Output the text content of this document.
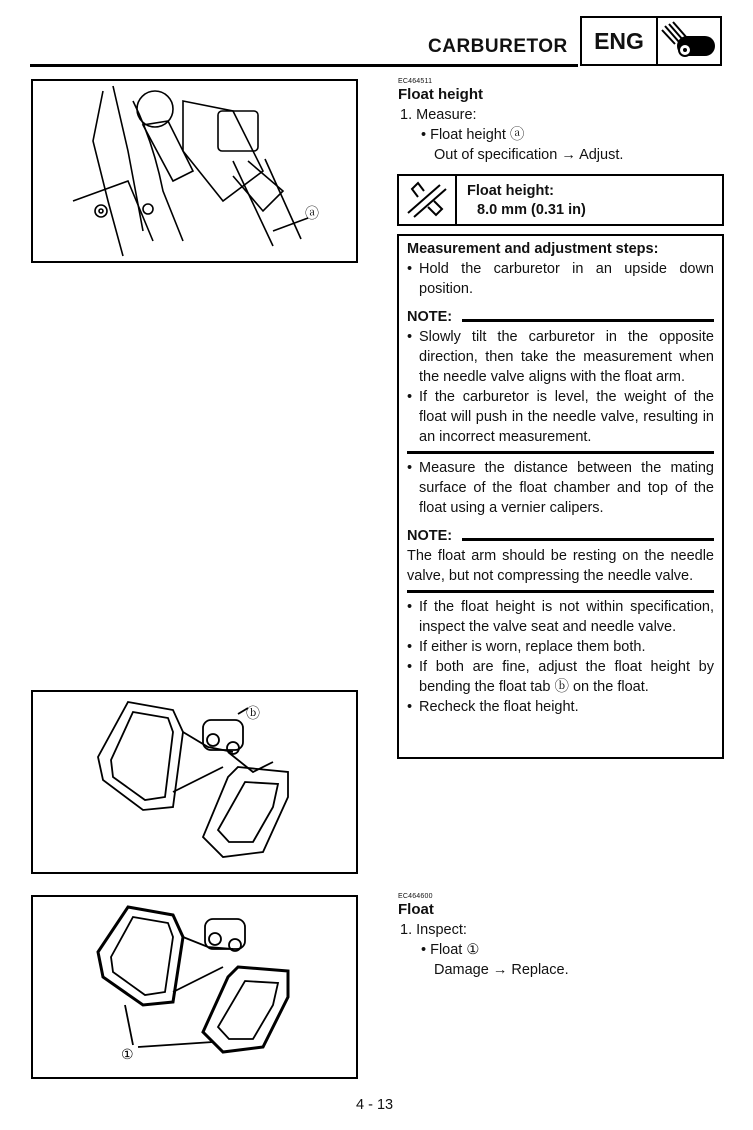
CARBURETOR	ENG
ⓐ
EC464511
Float height
1. Measure:
• Float height ⓐ
Out of specification → Adjust.
Float height:
8.0 mm (0.31 in)
Measurement and adjustment steps:
• Hold the carburetor in an upside down position.
NOTE:
• Slowly tilt the carburetor in the opposite direction, then take the measurement when the needle valve aligns with the float arm.
• If the carburetor is level, the weight of the float will push in the needle valve, resulting in an incorrect measurement.
• Measure the distance between the mating surface of the float chamber and top of the float using a vernier calipers.
NOTE:
The float arm should be resting on the needle valve, but not compressing the needle valve.
• If the float height is not within specification, inspect the valve seat and needle valve.
• If either is worn, replace them both.
• If both are fine, adjust the float height by bending the float tab ⓑ on the float.
• Recheck the float height.
ⓑ
①
EC464600
Float
1. Inspect:
• Float ①
Damage → Replace.
4 - 13
